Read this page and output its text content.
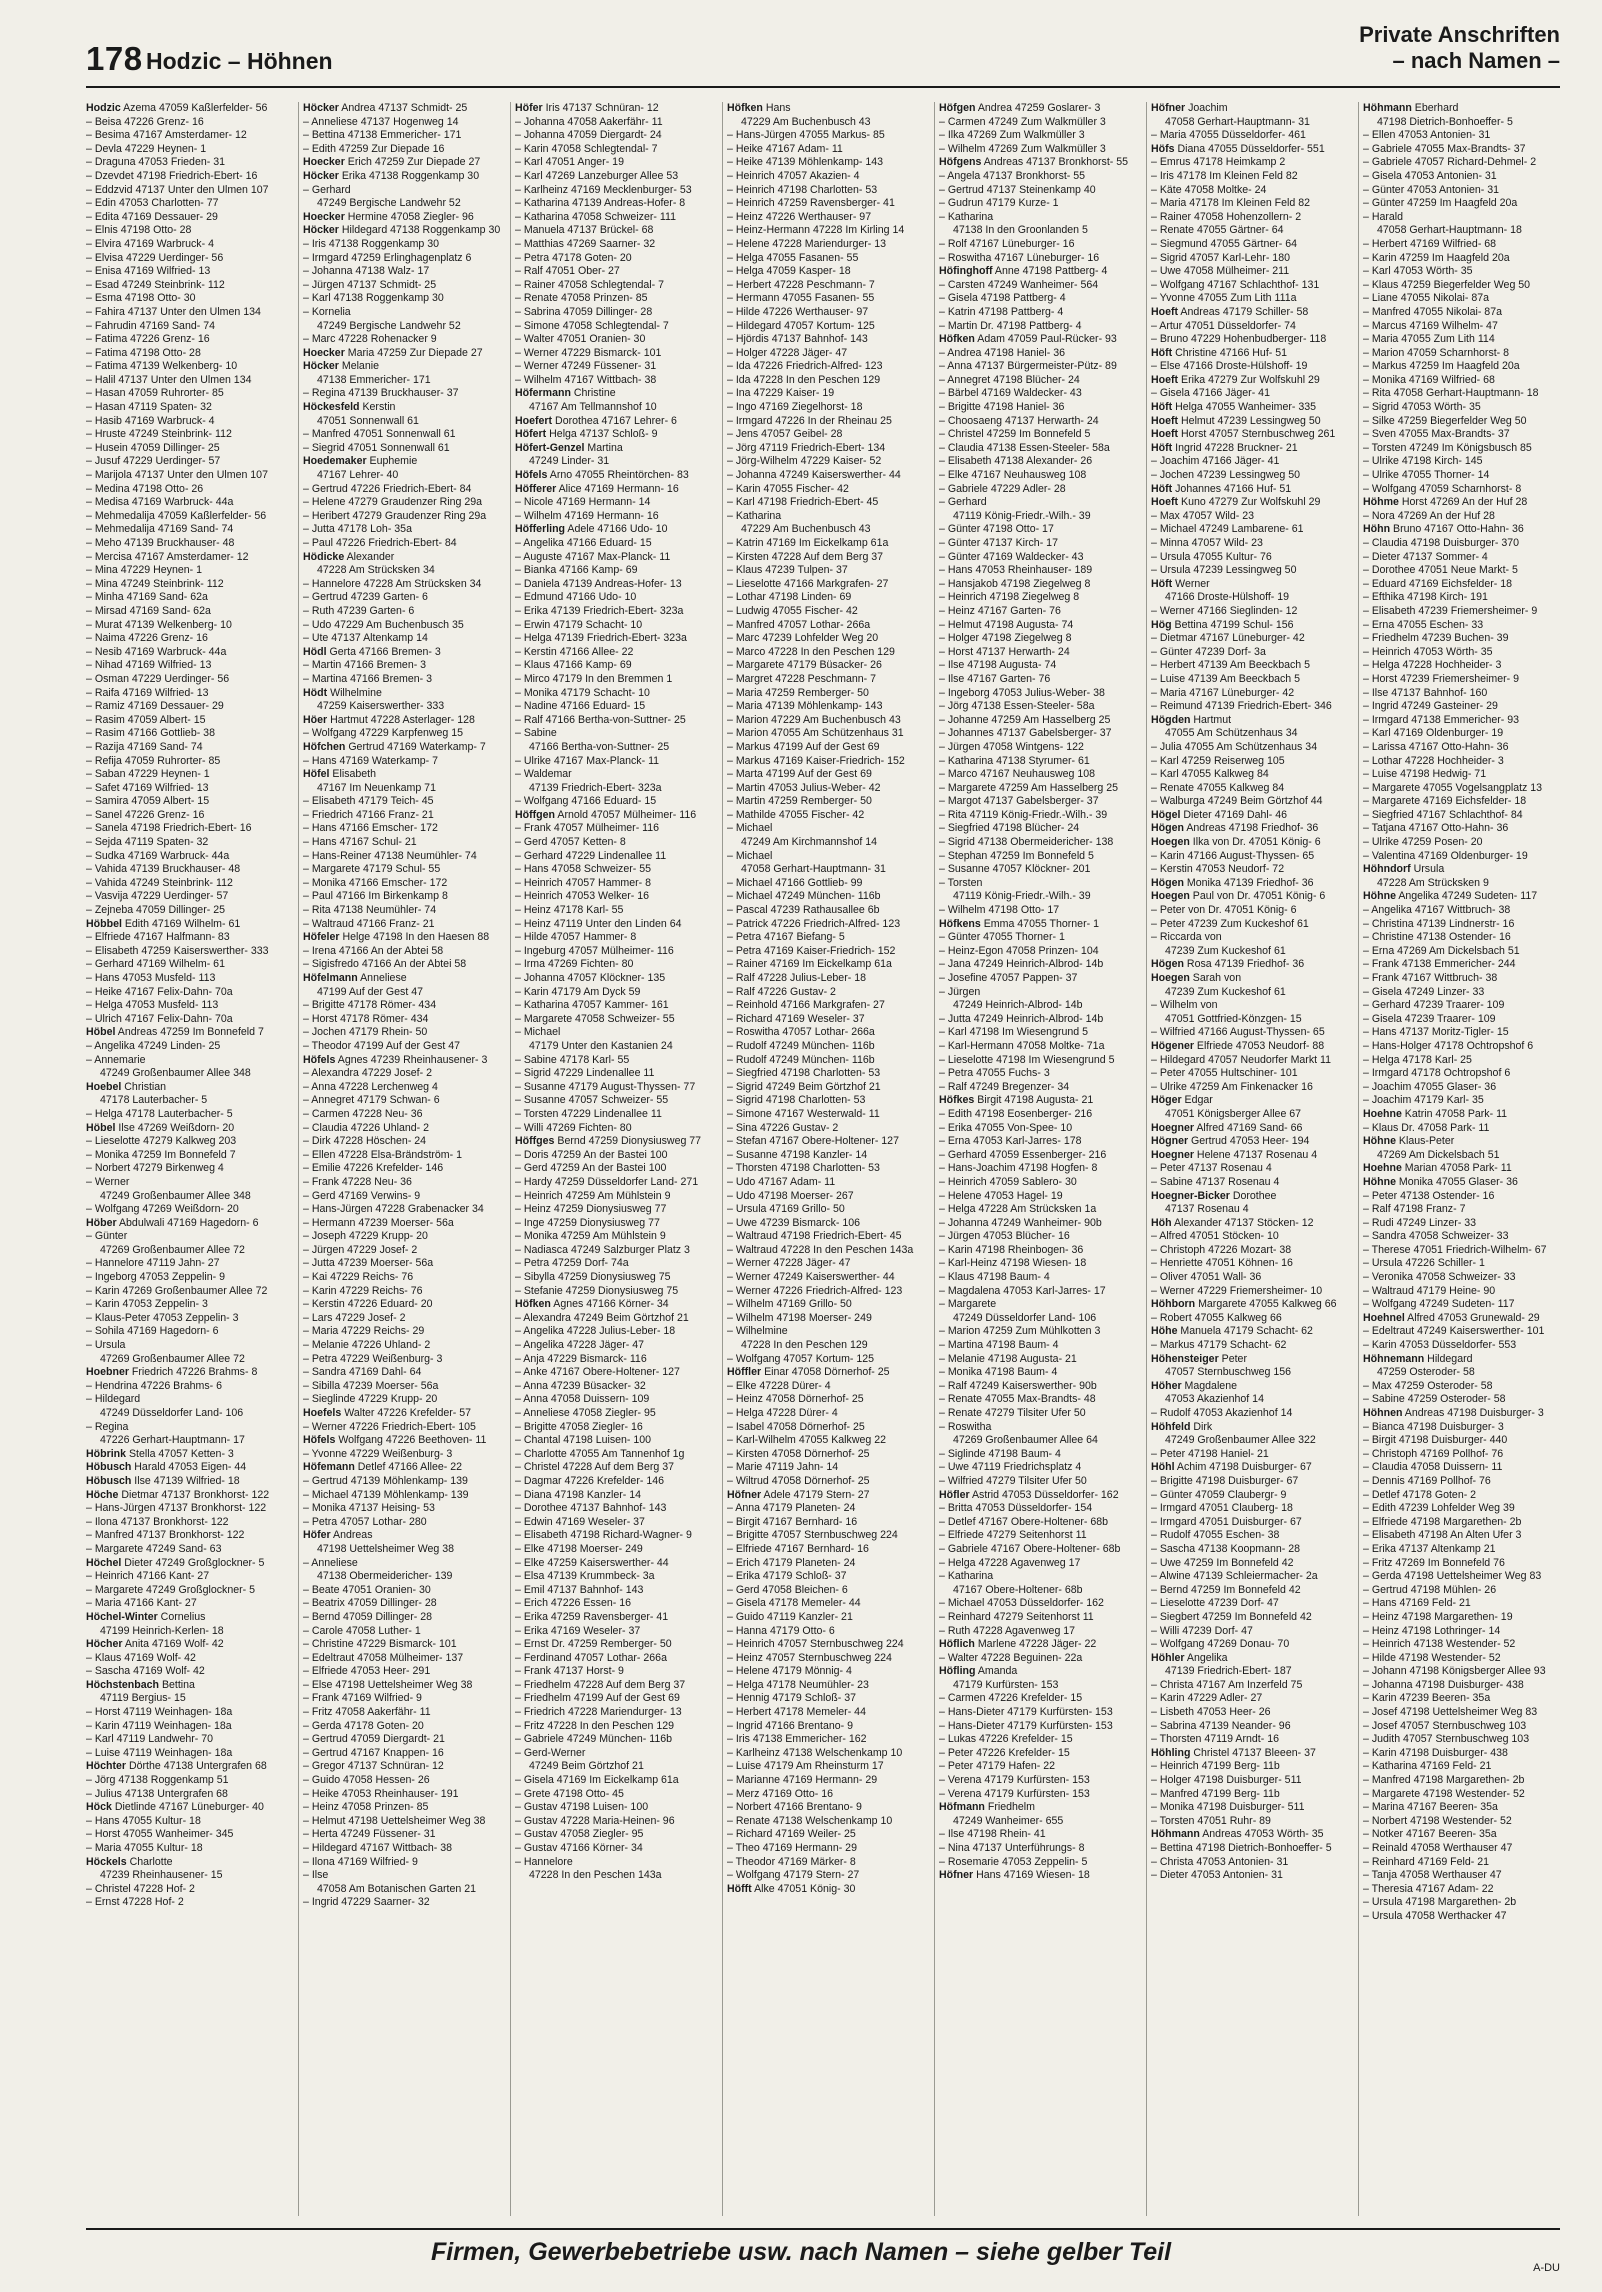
178 Hodzic – Höhnen
Private Anschriften
– nach Namen –
Hodzic Azema 47059 Kaßlerfelder- 56
– Beisa 47226 Grenz- 16
– Besima 47167 Amsterdamer- 12
– Devla 47229 Heynen- 1
– Draguna 47053 Frieden- 31
– Dzevdet 47198 Friedrich-Ebert- 16
– Eddzvid 47137 Unter den Ulmen 107
– Edin 47053 Charlotten- 77
– Edita 47169 Dessauer- 29
– Elnis 47198 Otto- 28
– Elvira 47169 Warbruck- 4
– Elvisa 47229 Uerdinger- 56
– Enisa 47169 Wilfried- 13
– Esad 47249 Steinbrink- 112
– Esma 47198 Otto- 30
– Fahira 47137 Unter den Ulmen 134
– Fahrudin 47169 Sand- 74
– Fatima 47226 Grenz- 16
– Fatima 47198 Otto- 28
– Fatima 47139 Welkenberg- 10
– Halil 47137 Unter den Ulmen 134
– Hasan 47059 Ruhrorter- 85
– Hasan 47119 Spaten- 32
– Hasib 47169 Warbruck- 4
– Hruste 47249 Steinbrink- 112
– Husein 47059 Dillinger- 25
– Jusuf 47229 Uerdinger- 57
– Marijola 47137 Unter den Ulmen 107
– Medina 47198 Otto- 26
– Medisa 47169 Warbruck- 44a
– Mehmedalija 47059 Kaßlerfelder- 56
– Mehmedalija 47169 Sand- 74
– Meho 47139 Bruckhauser- 48
– Mercisa 47167 Amsterdamer- 12
– Mina 47229 Heynen- 1
– Mina 47249 Steinbrink- 112
– Minha 47169 Sand- 62a
– Mirsad 47169 Sand- 62a
– Murat 47139 Welkenberg- 10
– Naima 47226 Grenz- 16
– Nesib 47169 Warbruck- 44a
– Nihad 47169 Wilfried- 13
– Osman 47229 Uerdinger- 56
– Raifa 47169 Wilfried- 13
– Ramiz 47169 Dessauer- 29
– Rasim 47059 Albert- 15
– Rasim 47166 Gottlieb- 38
– Razija 47169 Sand- 74
– Refija 47059 Ruhrorter- 85
– Saban 47229 Heynen- 1
– Safet 47169 Wilfried- 13
– Samira 47059 Albert- 15
– Sanel 47226 Grenz- 16
– Sanela 47198 Friedrich-Ebert- 16
– Sejda 47119 Spaten- 32
– Sudka 47169 Warbruck- 44a
– Vahida 47139 Bruckhauser- 48
– Vahida 47249 Steinbrink- 112
– Vasvija 47229 Uerdinger- 57
– Zejneba 47059 Dillinger- 25
Höbbel Edith 47169 Wilhelm- 61
– Elfriede 47167 Halfmann- 83
– Elisabeth 47259 Kaiserswerther- 333
– Gerhard 47169 Wilhelm- 61
– Hans 47053 Musfeld- 113
– Heike 47167 Felix-Dahn- 70a
– Helga 47053 Musfeld- 113
– Ulrich 47167 Felix-Dahn- 70a
Höbel Andreas 47259 Im Bonnefeld 7
– Angelika 47249 Linden- 25
– Annemarie
47249 Großenbaumer Allee 348
Hoebel Christian
47178 Lauterbacher- 5
– Helga 47178 Lauterbacher- 5
Höbel Ilse 47269 Weißdorn- 20
– Lieselotte 47279 Kalkweg 203
– Monika 47259 Im Bonnefeld 7
– Norbert 47279 Birkenweg 4
– Werner
47249 Großenbaumer Allee 348
– Wolfgang 47269 Weißdorn- 20
Höber Abdulwali 47169 Hagedorn- 6
– Günter
47269 Großenbaumer Allee 72
– Hannelore 47119 Jahn- 27
– Ingeborg 47053 Zeppelin- 9
– Karin 47269 Großenbaumer Allee 72
– Karin 47053 Zeppelin- 3
– Klaus-Peter 47053 Zeppelin- 3
– Sohila 47169 Hagedorn- 6
– Ursula
47269 Großenbaumer Allee 72
Hoebner Friedrich 47226 Brahms- 8
– Hendrina 47226 Brahms- 6
– Hildegard
47249 Düsseldorfer Land- 106
– Regina
47226 Gerhart-Hauptmann- 17
Höbrink Stella 47057 Ketten- 3
Höbusch Harald 47053 Eigen- 44
Höbusch Ilse 47139 Wilfried- 18
Höche Dietmar 47137 Bronkhorst- 122
– Hans-Jürgen 47137 Bronkhorst- 122
– Ilona 47137 Bronkhorst- 122
– Manfred 47137 Bronkhorst- 122
– Margarete 47249 Sand- 63
Höchel Dieter 47249 Großglockner- 5
– Heinrich 47166 Kant- 27
– Margarete 47249 Großglockner- 5
– Maria 47166 Kant- 27
Höchel-Winter Cornelius
47199 Heinrich-Kerlen- 18
Höcher Anita 47169 Wolf- 42
– Klaus 47169 Wolf- 42
– Sascha 47169 Wolf- 42
Höchstenbach Bettina
47119 Bergius- 15
– Horst 47119 Weinhagen- 18a
– Karin 47119 Weinhagen- 18a
– Karl 47119 Landwehr- 70
– Luise 47119 Weinhagen- 18a
Höchter Dörthe 47138 Untergrafen 68
– Jörg 47138 Roggenkamp 51
– Julius 47138 Untergrafen 68
Höck Dietlinde 47167 Lüneburger- 40
– Hans 47055 Kultur- 18
– Horst 47055 Wanheimer- 345
– Maria 47055 Kultur- 18
Höckels Charlotte
47239 Rheinhausener- 15
– Christel 47228 Hof- 2
– Ernst 47228 Hof- 2
Höcker Andrea 47137 Schmidt- 25
– Anneliese 47137 Hogenweg 14
– Bettina 47138 Emmericher- 171
– Edith 47259 Zur Diepade 16
Hoecker Erich 47259 Zur Diepade 27
Höcker Erika 47138 Roggenkamp 30
– Gerhard
47249 Bergische Landwehr 52
Hoecker Hermine 47058 Ziegler- 96
Höcker Hildegard 47138 Roggenkamp 30
– Iris 47138 Roggenkamp 30
– Irmgard 47259 Erlinghagenplatz 6
– Johanna 47138 Walz- 17
– Jürgen 47137 Schmidt- 25
– Karl 47138 Roggenkamp 30
– Kornelia
47249 Bergische Landwehr 52
– Marc 47228 Rohenacker 9
Hoecker Maria 47259 Zur Diepade 27
Höcker Melanie
47138 Emmericher- 171
– Regina 47139 Bruckhauser- 37
Höckesfeld Kerstin
47051 Sonnenwall 61
– Manfred 47051 Sonnenwall 61
– Siegrid 47051 Sonnenwall 61
Hoedemaker Euphemie
47167 Lehrer- 40
– Gertrud 47226 Friedrich-Ebert- 84
– Helene 47279 Graudenzer Ring 29a
– Heribert 47279 Graudenzer Ring 29a
– Jutta 47178 Loh- 35a
– Paul 47226 Friedrich-Ebert- 84
Hödicke Alexander
47228 Am Strücksken 34
– Hannelore 47228 Am Strücksken 34
– Gertrud 47239 Garten- 6
– Ruth 47239 Garten- 6
– Udo 47229 Am Buchenbusch 35
– Ute 47137 Altenkamp 14
Hödl Gerta 47166 Bremen- 3
– Martin 47166 Bremen- 3
– Martina 47166 Bremen- 3
Hödt Wilhelmine
47259 Kaiserswerther- 333
Höer Hartmut 47228 Asterlager- 128
– Wolfgang 47229 Karpfenweg 15
Höfchen Gertrud 47169 Waterkamp- 7
– Hans 47169 Waterkamp- 7
Höfel Elisabeth
47167 Im Neuenkamp 71
– Elisabeth 47179 Teich- 45
– Friedrich 47166 Franz- 21
– Hans 47166 Emscher- 172
– Hans 47167 Schul- 21
– Hans-Reiner 47138 Neumühler- 74
– Margarete 47179 Schul- 55
– Monika 47166 Emscher- 172
– Paul 47166 Im Birkenkamp 8
– Rita 47138 Neumühler- 74
– Waltraud 47166 Franz- 21
Höfeler Helge 47198 In den Haesen 88
– Irena 47166 An der Abtei 58
– Sigisfredo 47166 An der Abtei 58
Höfelmann Anneliese
47199 Auf der Gest 47
– Brigitte 47178 Römer- 434
– Horst 47178 Römer- 434
– Jochen 47179 Rhein- 50
– Theodor 47199 Auf der Gest 47
Höfels Agnes 47239 Rheinhausener- 3
– Alexandra 47229 Josef- 2
– Anna 47228 Lerchenweg 4
– Annegret 47179 Schwan- 6
– Carmen 47228 Neu- 36
– Claudia 47226 Uhland- 2
– Dirk 47228 Höschen- 24
– Ellen 47228 Elsa-Brändström- 1
– Emilie 47226 Krefelder- 146
– Frank 47228 Neu- 36
– Gerd 47169 Verwins- 9
– Hans-Jürgen 47228 Grabenacker 34
– Hermann 47239 Moerser- 56a
– Joseph 47229 Krupp- 20
– Jürgen 47229 Josef- 2
– Jutta 47239 Moerser- 56a
– Kai 47229 Reichs- 76
– Karin 47229 Reichs- 76
– Kerstin 47226 Eduard- 20
– Lars 47229 Josef- 2
– Maria 47229 Reichs- 29
– Melanie 47226 Uhland- 2
– Petra 47229 Weißenburg- 3
– Sandra 47169 Dahl- 64
– Sibilla 47239 Moerser- 56a
– Sieglinde 47229 Krupp- 20
Hoefels Walter 47226 Krefelder- 57
– Werner 47226 Friedrich-Ebert- 105
Höfels Wolfgang 47226 Beethoven- 11
– Yvonne 47229 Weißenburg- 3
Höfemann Detlef 47166 Allee- 22
– Gertrud 47139 Möhlenkamp- 139
– Michael 47139 Möhlenkamp- 139
– Monika 47137 Heising- 53
– Petra 47057 Lothar- 280
Höfer Andreas
47198 Uettelsheimer Weg 38
– Anneliese
47138 Obermeidericher- 139
– Beate 47051 Oranien- 30
– Beatrix 47059 Dillinger- 28
– Bernd 47059 Dillinger- 28
– Carole 47058 Luther- 1
– Christine 47229 Bismarck- 101
– Edeltraut 47058 Mülheimer- 137
– Elfriede 47053 Heer- 291
– Else 47198 Uettelsheimer Weg 38
– Frank 47169 Wilfried- 9
– Fritz 47058 Aakerfähr- 11
– Gerda 47178 Goten- 20
– Gertrud 47059 Diergardt- 21
– Gertrud 47167 Knappen- 16
– Gregor 47137 Schnüran- 12
– Guido 47058 Hessen- 26
– Heike 47053 Rheinhauser- 191
– Heinz 47058 Prinzen- 85
– Helmut 47198 Uettelsheimer Weg 38
– Herta 47249 Füssener- 31
– Hildegard 47167 Wittbach- 38
– Ilona 47169 Wilfried- 9
– Ilse
47058 Am Botanischen Garten 21
– Ingrid 47229 Saarner- 32
Höfer Iris 47137 Schnüran- 12
– Johanna 47058 Aakerfähr- 11
– Johanna 47059 Diergardt- 24
– Karin 47058 Schlegtendal- 7
– Karl 47051 Anger- 19
– Karl 47269 Lanzeburger Allee 53
– Karlheinz 47169 Mecklenburger- 53
– Katharina 47139 Andreas-Hofer- 8
– Katharina 47058 Schweizer- 111
– Manuela 47137 Brückel- 68
– Matthias 47269 Saarner- 32
– Petra 47178 Goten- 20
– Ralf 47051 Ober- 27
– Rainer 47058 Schlegtendal- 7
– Renate 47058 Prinzen- 85
– Sabrina 47059 Dillinger- 28
– Simone 47058 Schlegtendal- 7
– Walter 47051 Oranien- 30
– Werner 47229 Bismarck- 101
– Werner 47249 Füssener- 31
– Wilhelm 47167 Wittbach- 38
Höfermann Christine
47167 Am Tellmannshof 10
Hoefert Dorothea 47167 Lehrer- 6
Höfert Helga 47137 Schloß- 9
Höfert-Genzel Martina
47249 Linder- 31
Höfels Arno 47055 Rheintörchen- 83
Höfferer Alice 47169 Hermann- 16
– Nicole 47169 Hermann- 14
– Wilhelm 47169 Hermann- 16
Höfferling Adele 47166 Udo- 10
– Angelika 47166 Eduard- 15
– Auguste 47167 Max-Planck- 11
– Bianka 47166 Kamp- 69
– Daniela 47139 Andreas-Hofer- 13
– Edmund 47166 Udo- 10
– Erika 47139 Friedrich-Ebert- 323a
– Erwin 47179 Schacht- 10
– Helga 47139 Friedrich-Ebert- 323a
– Kerstin 47166 Allee- 22
– Klaus 47166 Kamp- 69
– Mirco 47179 In den Bremmen 1
– Monika 47179 Schacht- 10
– Nadine 47166 Eduard- 15
– Ralf 47166 Bertha-von-Suttner- 25
– Sabine
47166 Bertha-von-Suttner- 25
– Ulrike 47167 Max-Planck- 11
– Waldemar
47139 Friedrich-Ebert- 323a
– Wolfgang 47166 Eduard- 15
Höffgen Arnold 47057 Mülheimer- 116
– Frank 47057 Mülheimer- 116
– Gerd 47057 Ketten- 8
– Gerhard 47229 Lindenallee 11
– Hans 47058 Schweizer- 55
– Heinrich 47057 Hammer- 8
– Heinrich 47053 Welker- 16
– Heinz 47178 Karl- 55
– Heinz 47119 Unter den Linden 64
– Hilde 47057 Hammer- 8
– Ingeburg 47057 Mülheimer- 116
– Irma 47269 Fichten- 80
– Johanna 47057 Klöckner- 135
– Karin 47179 Am Dyck 59
– Katharina 47057 Kammer- 161
– Margarete 47058 Schweizer- 55
– Michael
47179 Unter den Kastanien 24
– Sabine 47178 Karl- 55
– Sigrid 47229 Lindenallee 11
– Susanne 47179 August-Thyssen- 77
– Susanne 47057 Schweizer- 55
– Torsten 47229 Lindenallee 11
– Willi 47269 Fichten- 80
Höffges Bernd 47259 Dionysiusweg 77
– Doris 47259 An der Bastei 100
– Gerd 47259 An der Bastei 100
– Hardy 47259 Düsseldorfer Land- 271
– Heinrich 47259 Am Mühlstein 9
– Heinz 47259 Dionysiusweg 77
– Inge 47259 Dionysiusweg 77
– Monika 47259 Am Mühlstein 9
– Nadiasca 47249 Salzburger Platz 3
– Petra 47259 Dorf- 74a
– Sibylla 47259 Dionysiusweg 75
– Stefanie 47259 Dionysiusweg 75
Höfken Agnes 47166 Körner- 34
– Alexandra 47249 Beim Görtzhof 21
– Angelika 47228 Julius-Leber- 18
– Angelika 47228 Jäger- 47
– Anja 47229 Bismarck- 116
– Anke 47167 Obere-Holtener- 127
– Anna 47239 Büsacker- 32
– Anna 47058 Duissern- 109
– Anneliese 47058 Ziegler- 95
– Brigitte 47058 Ziegler- 16
– Chantal 47198 Luisen- 100
– Charlotte 47055 Am Tannenhof 1g
– Christel 47228 Auf dem Berg 37
– Dagmar 47226 Krefelder- 146
– Diana 47198 Kanzler- 14
– Dorothee 47137 Bahnhof- 143
– Edwin 47169 Weseler- 37
– Elisabeth 47198 Richard-Wagner- 9
– Elke 47198 Moerser- 249
– Elke 47259 Kaiserswerther- 44
– Elsa 47139 Krummbeck- 3a
– Emil 47137 Bahnhof- 143
– Erich 47226 Essen- 16
– Erika 47259 Ravensberger- 41
– Erika 47169 Weseler- 37
– Ernst Dr. 47259 Remberger- 50
– Ferdinand 47057 Lothar- 266a
– Frank 47137 Horst- 9
– Friedhelm 47228 Auf dem Berg 37
– Friedhelm 47199 Auf der Gest 69
– Friedrich 47228 Mariendurger- 13
– Fritz 47228 In den Peschen 129
– Gabriele 47249 München- 116b
– Gerd-Werner
47249 Beim Görtzhof 21
– Gisela 47169 Im Eickelkamp 61a
– Grete 47198 Otto- 45
– Gustav 47198 Luisen- 100
– Gustav 47228 Maria-Heinen- 96
– Gustav 47058 Ziegler- 95
– Gustav 47166 Körner- 34
– Hannelore
47228 In den Peschen 143a
Höfken Hans
47229 Am Buchenbusch 43
– Hans-Jürgen 47055 Markus- 85
– Heike 47167 Adam- 11
– Heike 47139 Möhlenkamp- 143
– Heinrich 47057 Akazien- 4
– Heinrich 47198 Charlotten- 53
– Heinrich 47259 Ravensberger- 41
– Heinz 47226 Werthauser- 97
– Heinz-Hermann 47228 Im Kirling 14
– Helene 47228 Mariendurger- 13
– Helga 47055 Fasanen- 55
– Helga 47059 Kasper- 18
– Herbert 47228 Peschmann- 7
– Hermann 47055 Fasanen- 55
– Hilde 47226 Werthauser- 97
– Hildegard 47057 Kortum- 125
– Hjördis 47137 Bahnhof- 143
– Holger 47228 Jäger- 47
– Ida 47226 Friedrich-Alfred- 123
– Ida 47228 In den Peschen 129
– Ina 47229 Kaiser- 19
– Ingo 47169 Ziegelhorst- 18
– Irmgard 47226 In der Rheinau 25
– Jens 47057 Geibel- 28
– Jörg 47119 Friedrich-Ebert- 134
– Jörg-Wilhelm 47229 Kaiser- 52
– Johanna 47249 Kaiserswerther- 44
– Karin 47055 Fischer- 42
– Karl 47198 Friedrich-Ebert- 45
– Katharina
47229 Am Buchenbusch 43
– Katrin 47169 Im Eickelkamp 61a
– Kirsten 47228 Auf dem Berg 37
– Klaus 47239 Tulpen- 37
– Lieselotte 47166 Markgrafen- 27
– Lothar 47198 Linden- 69
– Ludwig 47055 Fischer- 42
– Manfred 47057 Lothar- 266a
– Marc 47239 Lohfelder Weg 20
– Marco 47228 In den Peschen 129
– Margarete 47179 Büsacker- 26
– Margret 47228 Peschmann- 7
– Maria 47259 Remberger- 50
– Maria 47139 Möhlenkamp- 143
– Marion 47229 Am Buchenbusch 43
– Marion 47055 Am Schützenhaus 31
– Markus 47199 Auf der Gest 69
– Markus 47169 Kaiser-Friedrich- 152
– Marta 47199 Auf der Gest 69
– Martin 47053 Julius-Weber- 42
– Martin 47259 Remberger- 50
– Mathilde 47055 Fischer- 42
– Michael
47249 Am Kirchmannshof 14
– Michael
47058 Gerhart-Hauptmann- 31
– Michael 47166 Gottlieb- 99
– Michael 47249 München- 116b
– Pascal 47239 Rathausallee 6b
– Patrick 47226 Friedrich-Alfred- 123
– Petra 47167 Biefang- 5
– Petra 47169 Kaiser-Friedrich- 152
– Rainer 47169 Im Eickelkamp 61a
– Ralf 47228 Julius-Leber- 18
– Ralf 47226 Gustav- 2
– Reinhold 47166 Markgrafen- 27
– Richard 47169 Weseler- 37
– Roswitha 47057 Lothar- 266a
– Rudolf 47249 München- 116b
– Rudolf 47249 München- 116b
– Siegfried 47198 Charlotten- 53
– Sigrid 47249 Beim Görtzhof 21
– Sigrid 47198 Charlotten- 53
– Simone 47167 Westerwald- 11
– Sina 47226 Gustav- 2
– Stefan 47167 Obere-Holtener- 127
– Susanne 47198 Kanzler- 14
– Thorsten 47198 Charlotten- 53
– Udo 47167 Adam- 11
– Udo 47198 Moerser- 267
– Ursula 47169 Grillo- 50
– Uwe 47239 Bismarck- 106
– Waltraud 47198 Friedrich-Ebert- 45
– Waltraud 47228 In den Peschen 143a
– Werner 47228 Jäger- 47
– Werner 47249 Kaiserswerther- 44
– Werner 47226 Friedrich-Alfred- 123
– Wilhelm 47169 Grillo- 50
– Wilhelm 47198 Moerser- 249
– Wilhelmine
47228 In den Peschen 129
– Wolfgang 47057 Kortum- 125
Höffler Einar 47058 Dörnerhof- 25
– Elke 47228 Dürer- 4
– Heinz 47058 Dörnerhof- 25
– Helga 47228 Dürer- 4
– Isabel 47058 Dörnerhof- 25
– Karl-Wilhelm 47055 Kalkweg 22
– Kirsten 47058 Dörnerhof- 25
– Marie 47119 Jahn- 14
– Wiltrud 47058 Dörnerhof- 25
Höfner Adele 47179 Stern- 27
– Anna 47179 Planeten- 24
– Birgit 47167 Bernhard- 16
– Brigitte 47057 Sternbuschweg 224
– Elfriede 47167 Bernhard- 16
– Erich 47179 Planeten- 24
– Erika 47179 Schloß- 37
– Gerd 47058 Bleichen- 6
– Gisela 47178 Memeler- 44
– Guido 47119 Kanzler- 21
– Hanna 47179 Otto- 6
– Heinrich 47057 Sternbuschweg 224
– Heinz 47057 Sternbuschweg 224
– Helene 47179 Mönnig- 4
– Helga 47178 Neumühler- 23
– Hennig 47179 Schloß- 37
– Herbert 47178 Memeler- 44
– Ingrid 47166 Brentano- 9
– Iris 47138 Emmericher- 162
– Karlheinz 47138 Welschenkamp 10
– Luise 47179 Am Rheinsturm 17
– Marianne 47169 Hermann- 29
– Merz 47169 Otto- 16
– Norbert 47166 Brentano- 9
– Renate 47138 Welschenkamp 10
– Richard 47169 Weiler- 25
– Theo 47169 Hermann- 29
– Theodor 47169 Märker- 8
– Wolfgang 47179 Stern- 27
Höfft Alke 47051 König- 30
Höfgen Andrea 47259 Goslarer- 3
– Carmen 47249 Zum Walkmüller 3
– Ilka 47269 Zum Walkmüller 3
– Wilhelm 47269 Zum Walkmüller 3
Höfgens Andreas 47137 Bronkhorst- 55
– Angela 47137 Bronkhorst- 55
– Gertrud 47137 Steinenkamp 40
– Gudrun 47179 Kurze- 1
– Katharina
47138 In den Groonlanden 5
– Rolf 47167 Lüneburger- 16
– Roswitha 47167 Lüneburger- 16
Höfinghoff Anne 47198 Pattberg- 4
– Carsten 47249 Wanheimer- 564
– Gisela 47198 Pattberg- 4
– Katrin 47198 Pattberg- 4
– Martin Dr. 47198 Pattberg- 4
Höfken Adam 47059 Paul-Rücker- 93
– Andrea 47198 Haniel- 36
– Anna 47137 Bürgermeister-Pütz- 89
– Annegret 47198 Blücher- 24
– Bärbel 47169 Waldecker- 43
– Brigitte 47198 Haniel- 36
– Choosaeng 47137 Herwarth- 24
– Christel 47259 Im Bonnefeld 5
– Claudia 47138 Essen-Steeler- 58a
– Elisabeth 47138 Alexander- 26
– Elke 47167 Neuhausweg 108
– Gabriele 47229 Adler- 28
– Gerhard
47119 König-Friedr.-Wilh.- 39
– Günter 47198 Otto- 17
– Günter 47137 Kirch- 17
– Günter 47169 Waldecker- 43
– Hans 47053 Rheinhauser- 189
– Hansjakob 47198 Ziegelweg 8
– Heinrich 47198 Ziegelweg 8
– Heinz 47167 Garten- 76
– Helmut 47198 Augusta- 74
– Holger 47198 Ziegelweg 8
– Horst 47137 Herwarth- 24
– Ilse 47198 Augusta- 74
– Ilse 47167 Garten- 76
– Ingeborg 47053 Julius-Weber- 38
– Jörg 47138 Essen-Steeler- 58a
– Johanne 47259 Am Hasselberg 25
– Johannes 47137 Gabelsberger- 37
– Jürgen 47058 Wintgens- 122
– Katharina 47138 Styrumer- 61
– Marco 47167 Neuhausweg 108
– Margarete 47259 Am Hasselberg 25
– Margot 47137 Gabelsberger- 37
– Rita 47119 König-Friedr.-Wilh.- 39
– Siegfried 47198 Blücher- 24
– Sigrid 47138 Obermeidericher- 138
– Stephan 47259 Im Bonnefeld 5
– Susanne 47057 Klöckner- 201
– Torsten
47119 König-Friedr.-Wilh.- 39
– Wilhelm 47198 Otto- 17
Höfkens Emma 47055 Thorner- 1
– Günter 47055 Thorner- 1
– Heinz-Egon 47058 Prinzen- 104
– Jana 47249 Heinrich-Albrod- 14b
– Josefine 47057 Pappen- 37
– Jürgen
47249 Heinrich-Albrod- 14b
– Jutta 47249 Heinrich-Albrod- 14b
– Karl 47198 Im Wiesengrund 5
– Karl-Hermann 47058 Moltke- 71a
– Lieselotte 47198 Im Wiesengrund 5
– Petra 47055 Fuchs- 3
– Ralf 47249 Bregenzer- 34
Höfkes Birgit 47198 Augusta- 21
– Edith 47198 Eosenberger- 216
– Erika 47055 Von-Spee- 10
– Erna 47053 Karl-Jarres- 178
– Gerhard 47059 Essenberger- 216
– Hans-Joachim 47198 Hogfen- 8
– Heinrich 47059 Sablero- 30
– Helene 47053 Hagel- 19
– Helga 47228 Am Strücksken 1a
– Johanna 47249 Wanheimer- 90b
– Jürgen 47053 Blücher- 16
– Karin 47198 Rheinbogen- 36
– Karl-Heinz 47198 Wiesen- 18
– Klaus 47198 Baum- 4
– Magdalena 47053 Karl-Jarres- 17
– Margarete
47249 Düsseldorfer Land- 106
– Marion 47259 Zum Mühlkotten 3
– Martina 47198 Baum- 4
– Melanie 47198 Augusta- 21
– Monika 47198 Baum- 4
– Ralf 47249 Kaiserswerther- 90b
– Renate 47055 Max-Brandts- 48
– Renate 47279 Tilsiter Ufer 50
– Roswitha
47269 Großenbaumer Allee 64
– Siglinde 47198 Baum- 4
– Uwe 47119 Friedrichsplatz 4
– Wilfried 47279 Tilsiter Ufer 50
Höfler Astrid 47053 Düsseldorfer- 162
– Britta 47053 Düsseldorfer- 154
– Detlef 47167 Obere-Holtener- 68b
– Elfriede 47279 Seitenhorst 11
– Gabriele 47167 Obere-Holtener- 68b
– Helga 47228 Agavenweg 17
– Katharina
47167 Obere-Holtener- 68b
– Michael 47053 Düsseldorfer- 162
– Reinhard 47279 Seitenhorst 11
– Ruth 47228 Agavenweg 17
Höflich Marlene 47228 Jäger- 22
– Walter 47228 Beguinen- 22a
Höfling Amanda
47179 Kurfürsten- 153
– Carmen 47226 Krefelder- 15
– Hans-Dieter 47179 Kurfürsten- 153
– Hans-Dieter 47179 Kurfürsten- 153
– Lukas 47226 Krefelder- 15
– Peter 47226 Krefelder- 15
– Peter 47179 Hafen- 22
– Verena 47179 Kurfürsten- 153
– Verena 47179 Kurfürsten- 153
Höfmann Friedhelm
47249 Wanheimer- 655
– Ilse 47198 Rhein- 41
– Nina 47137 Unterführungs- 8
– Rosemarie 47053 Zeppelin- 5
Höfner Hans 47169 Wiesen- 18
Höfner Joachim
47058 Gerhart-Hauptmann- 31
– Maria 47055 Düsseldorfer- 461
Höfs Diana 47055 Düsseldorfer- 551
– Emrus 47178 Heimkamp 2
– Iris 47178 Im Kleinen Feld 82
– Käte 47058 Moltke- 24
– Maria 47178 Im Kleinen Feld 82
– Rainer 47058 Hohenzollern- 2
– Renate 47055 Gärtner- 64
– Siegmund 47055 Gärtner- 64
– Sigrid 47057 Karl-Lehr- 180
– Uwe 47058 Mülheimer- 211
– Wolfgang 47167 Schlachthof- 131
– Yvonne 47055 Zum Lith 111a
Hoeft Andreas 47179 Schiller- 58
– Artur 47051 Düsseldorfer- 74
– Bruno 47229 Hohenbudberger- 118
Höft Christine 47166 Huf- 51
– Else 47166 Droste-Hülshoff- 19
Hoeft Erika 47279 Zur Wolfskuhl 29
– Gisela 47166 Jäger- 41
Höft Helga 47055 Wanheimer- 335
Hoeft Helmut 47239 Lessingweg 50
Hoeft Horst 47057 Sternbuschweg 261
Höft Ingrid 47228 Bruckner- 21
– Joachim 47166 Jäger- 41
– Jochen 47239 Lessingweg 50
Höft Johannes 47166 Huf- 51
Hoeft Kuno 47279 Zur Wolfskuhl 29
– Max 47057 Wild- 23
– Michael 47249 Lambarene- 61
– Minna 47057 Wild- 23
– Ursula 47055 Kultur- 76
– Ursula 47239 Lessingweg 50
Höft Werner
47166 Droste-Hülshoff- 19
– Werner 47166 Sieglinden- 12
Hög Bettina 47199 Schul- 156
– Dietmar 47167 Lüneburger- 42
– Günter 47239 Dorf- 3a
– Herbert 47139 Am Beeckbach 5
– Luise 47139 Am Beeckbach 5
– Maria 47167 Lüneburger- 42
– Reimund 47139 Friedrich-Ebert- 346
Högden Hartmut
47055 Am Schützenhaus 34
– Julia 47055 Am Schützenhaus 34
– Karl 47259 Reiserweg 105
– Karl 47055 Kalkweg 84
– Renate 47055 Kalkweg 84
– Walburga 47249 Beim Görtzhof 44
Högel Dieter 47169 Dahl- 46
Högen Andreas 47198 Friedhof- 36
Hoegen Ilka von Dr. 47051 König- 6
– Karin 47166 August-Thyssen- 65
– Kerstin 47053 Neudorf- 72
Högen Monika 47139 Friedhof- 36
Hoegen Paul von Dr. 47051 König- 6
– Peter von Dr. 47051 König- 6
– Peter 47239 Zum Kuckeshof 61
– Riccarda von
47239 Zum Kuckeshof 61
Högen Rosa 47139 Friedhof- 36
Hoegen Sarah von
47239 Zum Kuckeshof 61
– Wilhelm von
47051 Gottfried-Könzgen- 15
– Wilfried 47166 August-Thyssen- 65
Högener Elfriede 47053 Neudorf- 88
– Hildegard 47057 Neudorfer Markt 11
– Peter 47055 Hultschiner- 101
– Ulrike 47259 Am Finkenacker 16
Höger Edgar
47051 Königsberger Allee 67
Hoegner Alfred 47169 Sand- 66
Högner Gertrud 47053 Heer- 194
Hoegner Helene 47137 Rosenau 4
– Peter 47137 Rosenau 4
– Sabine 47137 Rosenau 4
Hoegner-Bicker Dorothee
47137 Rosenau 4
Höh Alexander 47137 Stöcken- 12
– Alfred 47051 Stöcken- 10
– Christoph 47226 Mozart- 38
– Henriette 47051 Köhnen- 16
– Oliver 47051 Wall- 36
– Werner 47229 Friemersheimer- 10
Höhborn Margarete 47055 Kalkweg 66
– Robert 47055 Kalkweg 66
Höhe Manuela 47179 Schacht- 62
– Markus 47179 Schacht- 62
Höhensteiger Peter
47057 Sternbuschweg 156
Höher Magdalene
47053 Akazienhof 14
– Rudolf 47053 Akazienhof 14
Höhfeld Dirk
47249 Großenbaumer Allee 322
– Peter 47198 Haniel- 21
Höhl Achim 47198 Duisburger- 67
– Brigitte 47198 Duisburger- 67
– Günter 47059 Claubergr- 9
– Irmgard 47051 Clauberg- 18
– Irmgard 47051 Duisburger- 67
– Rudolf 47055 Eschen- 38
– Sascha 47138 Koopmann- 28
– Uwe 47259 Im Bonnefeld 42
– Alwine 47139 Schleiermacher- 2a
– Bernd 47259 Im Bonnefeld 42
– Lieselotte 47239 Dorf- 47
– Siegbert 47259 Im Bonnefeld 42
– Willi 47239 Dorf- 47
– Wolfgang 47269 Donau- 70
Höhler Angelika
47139 Friedrich-Ebert- 187
– Christa 47167 Am Inzerfeld 75
– Karin 47229 Adler- 27
– Lisbeth 47053 Heer- 26
– Sabrina 47139 Neander- 96
– Thorsten 47119 Arndt- 16
Höhling Christel 47137 Bleeen- 37
– Heinrich 47199 Berg- 11b
– Holger 47198 Duisburger- 511
– Manfred 47199 Berg- 11b
– Monika 47198 Duisburger- 511
– Torsten 47051 Ruhr- 89
Höhmann Andreas 47053 Wörth- 35
– Bettina 47198 Dietrich-Bonhoeffer- 5
– Christa 47053 Antonien- 31
– Dieter 47053 Antonien- 31
Höhmann Eberhard
47198 Dietrich-Bonhoeffer- 5
– Ellen 47053 Antonien- 31
– Gabriele 47055 Max-Brandts- 37
– Gabriele 47057 Richard-Dehmel- 2
– Gisela 47053 Antonien- 31
– Günter 47053 Antonien- 31
– Günter 47259 Im Haagfeld 20a
– Harald
47058 Gerhart-Hauptmann- 18
– Herbert 47169 Wilfried- 68
– Karin 47259 Im Haagfeld 20a
– Karl 47053 Wörth- 35
– Klaus 47259 Biegerfelder Weg 50
– Liane 47055 Nikolai- 87a
– Manfred 47055 Nikolai- 87a
– Marcus 47169 Wilhelm- 47
– Maria 47055 Zum Lith 114
– Marion 47059 Scharnhorst- 8
– Markus 47259 Im Haagfeld 20a
– Monika 47169 Wilfried- 68
– Rita 47058 Gerhart-Hauptmann- 18
– Sigrid 47053 Wörth- 35
– Silke 47259 Biegerfelder Weg 50
– Sven 47055 Max-Brandts- 37
– Torsten 47249 Im Königsbusch 85
– Ulrike 47198 Kirch- 145
– Ulrike 47055 Thorner- 14
– Wolfgang 47059 Scharnhorst- 8
Höhme Horst 47269 An der Huf 28
– Nora 47269 An der Huf 28
Höhn Bruno 47167 Otto-Hahn- 36
– Claudia 47198 Duisburger- 370
– Dieter 47137 Sommer- 4
– Dorothee 47051 Neue Markt- 5
– Eduard 47169 Eichsfelder- 18
– Efthika 47198 Kirch- 191
– Elisabeth 47239 Friemersheimer- 9
– Erna 47055 Eschen- 33
– Friedhelm 47239 Buchen- 39
– Heinrich 47053 Wörth- 35
– Helga 47228 Hochheider- 3
– Horst 47239 Friemersheimer- 9
– Ilse 47137 Bahnhof- 160
– Ingrid 47249 Gasteiner- 29
– Irmgard 47138 Emmericher- 93
– Karl 47169 Oldenburger- 19
– Larissa 47167 Otto-Hahn- 36
– Lothar 47228 Hochheider- 3
– Luise 47198 Hedwig- 71
– Margarete 47055 Vogelsangplatz 13
– Margarete 47169 Eichsfelder- 18
– Siegfried 47167 Schlachthof- 84
– Tatjana 47167 Otto-Hahn- 36
– Ulrike 47259 Posen- 20
– Valentina 47169 Oldenburger- 19
Höhndorf Ursula
47228 Am Strücksken 9
Höhne Angelika 47249 Sudeten- 117
– Angelika 47167 Wittbruch- 38
– Christina 47139 Lindnerstr- 16
– Christine 47138 Ostender- 16
– Erna 47269 Am Dickelsbach 51
– Frank 47138 Emmericher- 244
– Frank 47167 Wittbruch- 38
– Gisela 47249 Linzer- 33
– Gerhard 47239 Traarer- 109
– Gisela 47239 Traarer- 109
– Hans 47137 Moritz-Tigler- 15
– Hans-Holger 47178 Ochtropshof 6
– Helga 47178 Karl- 25
– Irmgard 47178 Ochtropshof 6
– Joachim 47055 Glaser- 36
– Joachim 47179 Karl- 35
Hoehne Katrin 47058 Park- 11
– Klaus Dr. 47058 Park- 11
Höhne Klaus-Peter
47269 Am Dickelsbach 51
Hoehne Marian 47058 Park- 11
Höhne Monika 47055 Glaser- 36
– Peter 47138 Ostender- 16
– Ralf 47198 Franz- 7
– Rudi 47249 Linzer- 33
– Sandra 47058 Schweizer- 33
– Therese 47051 Friedrich-Wilhelm- 67
– Ursula 47226 Schiller- 1
– Veronika 47058 Schweizer- 33
– Waltraud 47179 Heine- 90
– Wolfgang 47249 Sudeten- 117
Hoehnel Alfred 47053 Grunewald- 29
– Edeltraut 47249 Kaiserswerther- 101
– Karin 47053 Düsseldorfer- 553
Höhnemann Hildegard
47259 Osteroder- 58
– Max 47259 Osteroder- 58
– Sabine 47259 Osteroder- 58
Höhnen Andreas 47198 Duisburger- 3
– Bianca 47198 Duisburger- 3
– Birgit 47198 Duisburger- 440
– Christoph 47169 Pollhof- 76
– Claudia 47058 Duissern- 11
– Dennis 47169 Pollhof- 76
– Detlef 47178 Goten- 2
– Edith 47239 Lohfelder Weg 39
– Elfriede 47198 Margarethen- 2b
– Elisabeth 47198 An Alten Ufer 3
– Erika 47137 Altenkamp 21
– Fritz 47269 Im Bonnefeld 76
– Gerda 47198 Uettelsheimer Weg 83
– Gertrud 47198 Mühlen- 26
– Hans 47169 Feld- 21
– Heinz 47198 Margarethen- 19
– Heinz 47198 Lothringer- 14
– Heinrich 47138 Westender- 52
– Hilde 47198 Westender- 52
– Johann 47198 Königsberger Allee 93
– Johanna 47198 Duisburger- 438
– Karin 47239 Beeren- 35a
– Josef 47198 Uettelsheimer Weg 83
– Josef 47057 Sternbuschweg 103
– Judith 47057 Sternbuschweg 103
– Karin 47198 Duisburger- 438
– Katharina 47169 Feld- 21
– Manfred 47198 Margarethen- 2b
– Margarete 47198 Westender- 52
– Marina 47167 Beeren- 35a
– Norbert 47198 Westender- 52
– Notker 47167 Beeren- 35a
– Reinald 47058 Werthauser 47
– Reinhard 47169 Feld- 21
– Tanja 47058 Werthauser 47
– Theresia 47167 Adam- 22
– Ursula 47198 Margarethen- 2b
– Ursula 47058 Werthacker 47
Firmen, Gewerbebetriebe usw. nach Namen – siehe gelber Teil
A-DU
